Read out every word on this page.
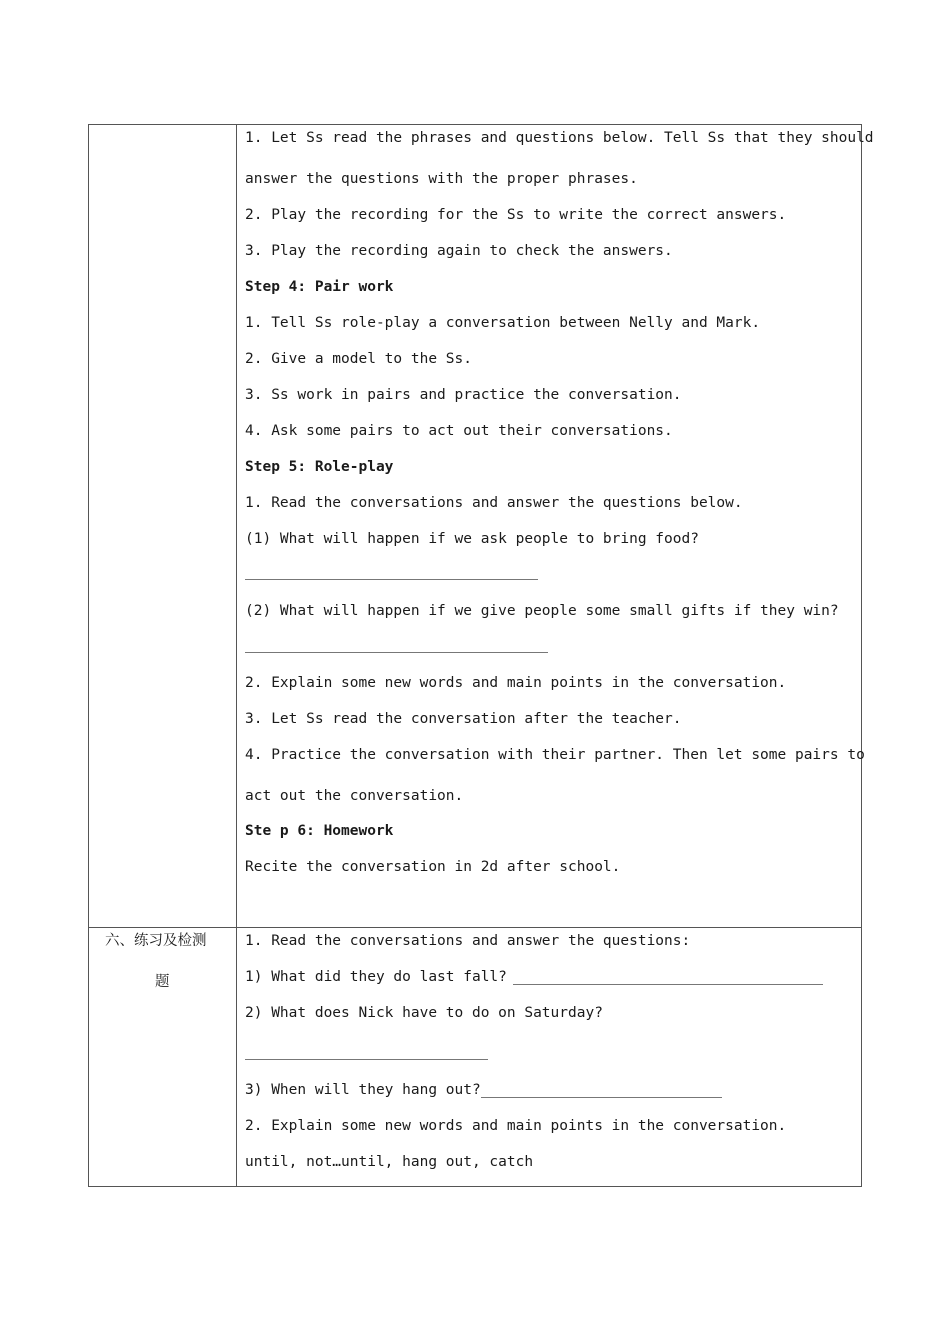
1. Let Ss read the phrases and questions below. Tell Ss that they should
answer the questions with the proper phrases.
2. Play the recording for the Ss to write the correct answers.
3. Play the recording again to check the answers.
Step 4: Pair work
1. Tell Ss role-play a conversation between Nelly and Mark.
2. Give a model to the Ss.
3. Ss work in pairs and practice the conversation.
4. Ask some pairs to act out their conversations.
Step 5: Role-play
1. Read the conversations and answer the questions below.
(1) What will happen if we ask people to bring food?
(2) What will happen if we give people some small gifts if they win?
2. Explain some new words and main points in the conversation.
3. Let Ss read the conversation after the teacher.
4. Practice the conversation with their partner. Then let some pairs to
act out the conversation.
Ste p 6: Homework
Recite the conversation in 2d after school.
六、练习及检测
题
1. Read the conversations and answer the questions:
1) What did they do last fall?
2) What does Nick have to do on Saturday?
3) When will they hang out?
2. Explain some new words and main points in the conversation.
until, not…until, hang out, catch
